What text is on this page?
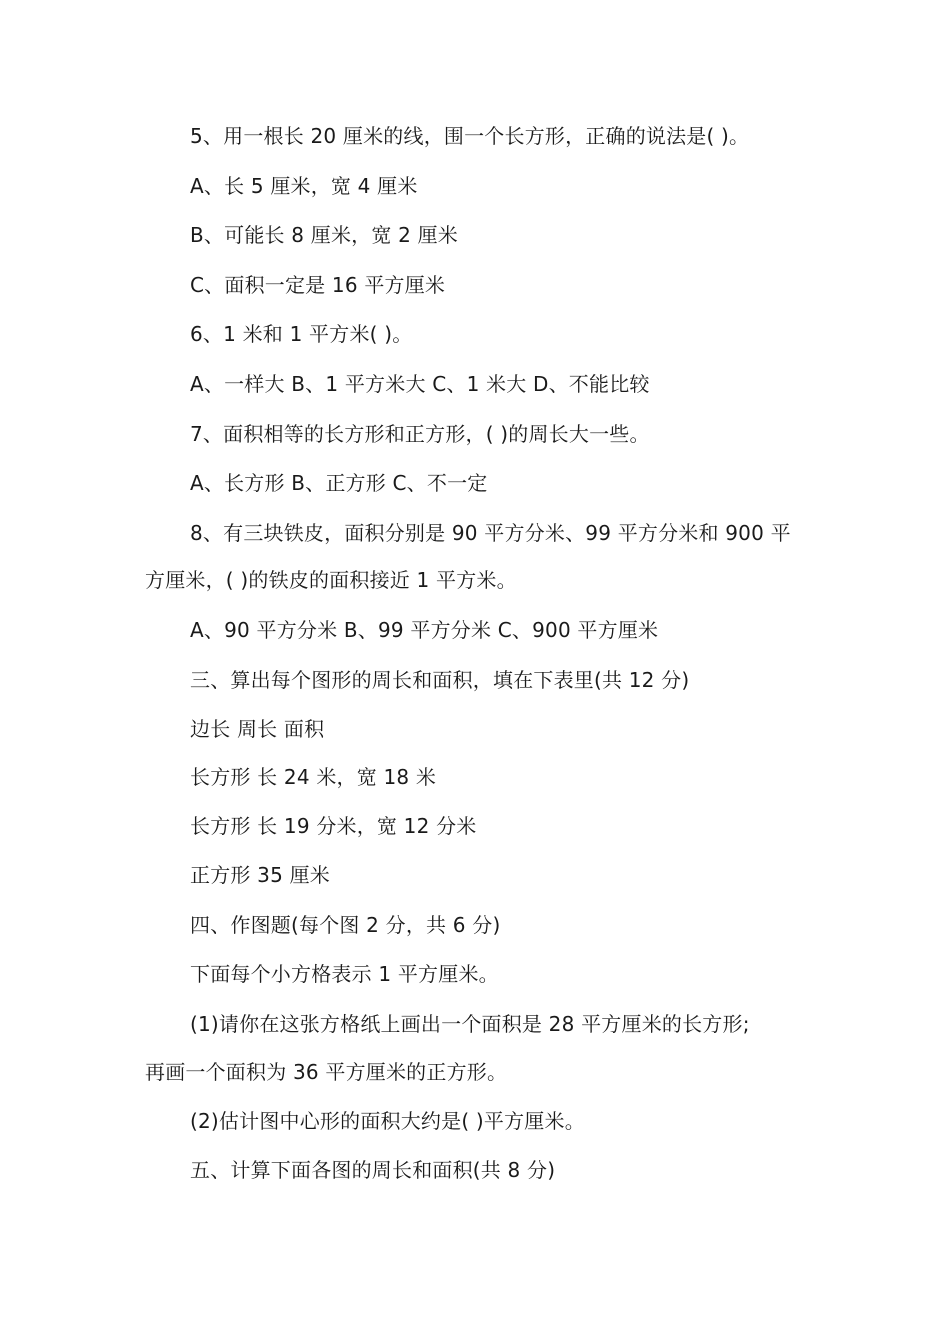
5、用一根长 20 厘米的线，围一个长方形，正确的说法是( )。
A、长 5 厘米，宽 4 厘米
B、可能长 8 厘米，宽 2 厘米
C、面积一定是 16 平方厘米
6、1 米和 1 平方米( )。
A、一样大 B、1 平方米大 C、1 米大 D、不能比较
7、面积相等的长方形和正方形，( )的周长大一些。
A、长方形 B、正方形 C、不一定
8、有三块铁皮，面积分别是 90 平方分米、99 平方分米和 900 平
方厘米，( )的铁皮的面积接近 1 平方米。
A、90 平方分米 B、99 平方分米 C、900 平方厘米
三、算出每个图形的周长和面积，填在下表里(共 12 分)
边长 周长 面积
长方形 长 24 米，宽 18 米
长方形 长 19 分米，宽 12 分米
正方形 35 厘米
四、作图题(每个图 2 分，共 6 分)
下面每个小方格表示 1 平方厘米。
(1)请你在这张方格纸上画出一个面积是 28 平方厘米的长方形;
再画一个面积为 36 平方厘米的正方形。
(2)估计图中心形的面积大约是( )平方厘米。
五、计算下面各图的周长和面积(共 8 分)
